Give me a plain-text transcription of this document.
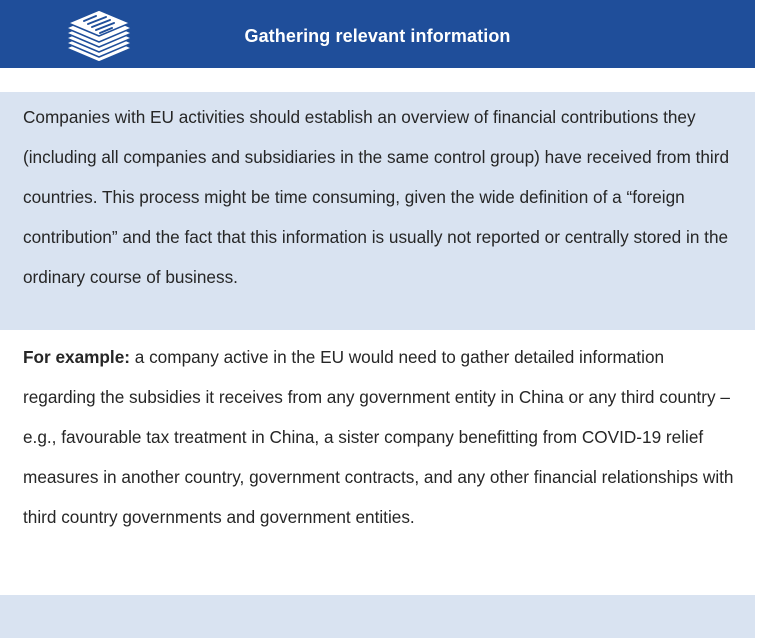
Gathering relevant information

Companies with EU activities should establish an overview of financial contributions they (including all companies and subsidiaries in the same control group) have received from third countries. This process might be time consuming, given the wide definition of a “foreign contribution” and the fact that this information is usually not reported or centrally stored in the ordinary course of business.

For example: a company active in the EU would need to gather detailed information regarding the subsidies it receives from any government entity in China or any third country – e.g., favourable tax treatment in China, a sister company benefitting from COVID-19 relief measures in another country, government contracts, and any other financial relationships with third country governments and government entities.
